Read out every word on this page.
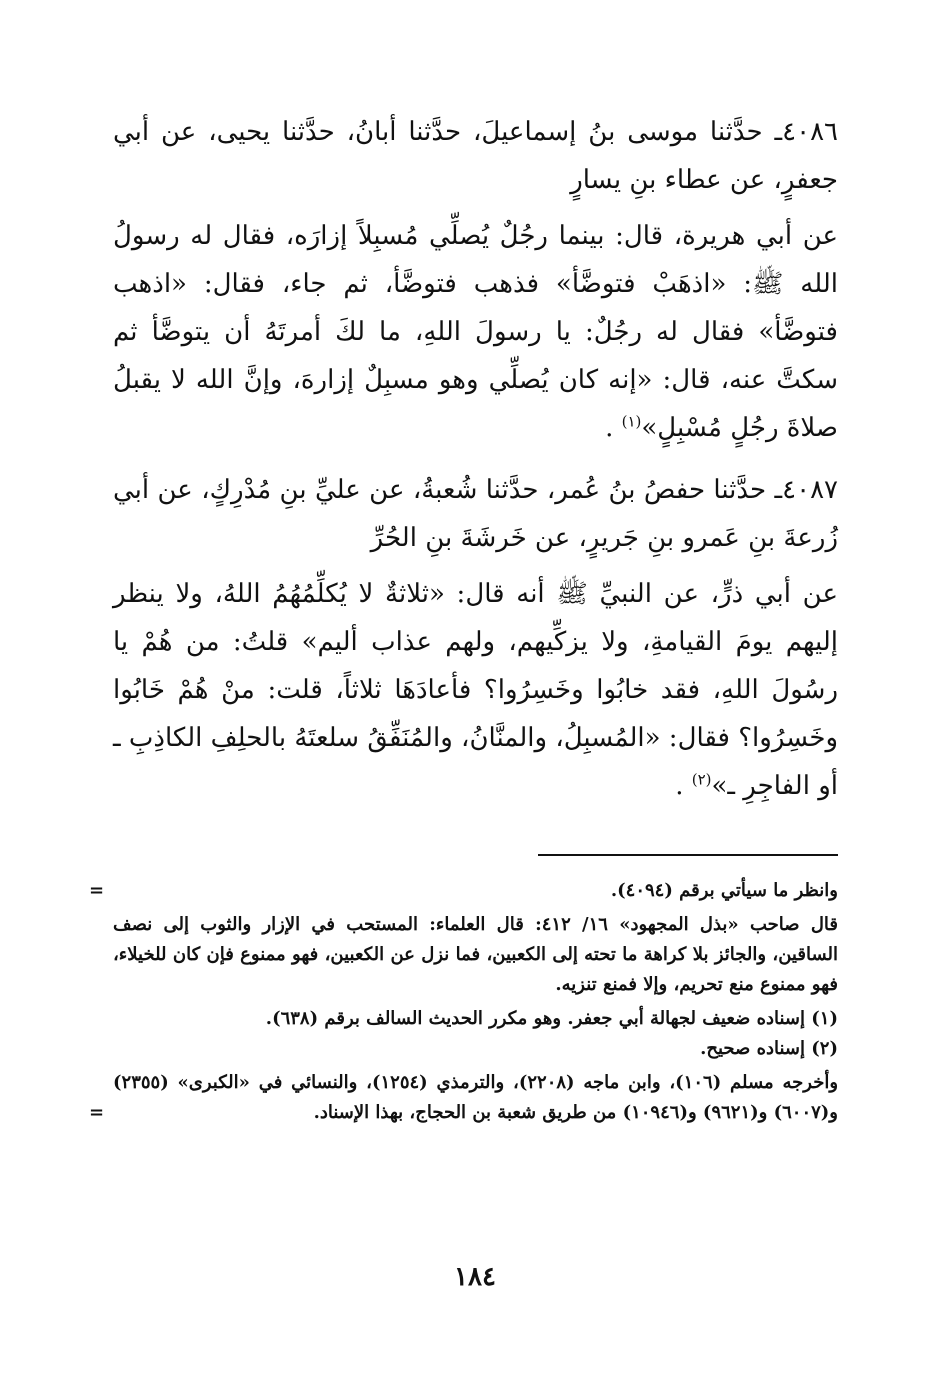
٤٠٨٦ـ حدَّثنا موسى بنُ إسماعيلَ، حدَّثنا أبانُ، حدَّثنا يحيى، عن أبي جعفرٍ، عن عطاء بنِ يسارٍ

عن أبي هريرة، قال: بينما رجُلٌ يُصلِّي مُسبِلاً إزارَه، فقال له رسولُ الله ﷺ: «اذهَبْ فتوضَّأ» فذهب فتوضَّأ، ثم جاء، فقال: «اذهب فتوضَّأ» فقال له رجُلٌ: يا رسولَ اللهِ، ما لكَ أمرتَهُ أن يتوضَّأ ثم سكتَّ عنه، قال: «إنه كان يُصلِّي وهو مسبِلٌ إزارهَ، وإنَّ الله لا يقبلُ صلاةَ رجُلٍ مُسْبِلٍ»$^{(١)}$ .

٤٠٨٧ـ حدَّثنا حفصُ بنُ عُمر، حدَّثنا شُعبةُ، عن عليِّ بنِ مُدْرِكٍ، عن أبي زُرعةَ بنِ عَمرو بنِ جَريرٍ، عن خَرشَةَ بنِ الحُرِّ

عن أبي ذرٍّ، عن النبيِّ ﷺ أنه قال: «ثلاثةٌ لا يُكلِّمُهُمُ اللهُ، ولا ينظر إليهم يومَ القيامةِ، ولا يزكِّيهم، ولهم عذاب أليم» قلتُ: من هُمْ يا رسُولَ اللهِ، فقد خابُوا وخَسِرُوا؟ فأعادَهَا ثلاثاً، قلت: منْ هُمْ خَابُوا وخَسِرُوا؟ فقال: «المُسبِلُ، والمنَّانُ، والمُنَفِّقُ سلعتَهُ بالحلِفِ الكاذِبِ ـ أو الفاجِرِ ـ»$^{(٢)}$ .

=	وانظر ما سيأتي برقم (٤٠٩٤).

قال صاحب «بذل المجهود» ١٦/ ٤١٢: قال العلماء: المستحب في الإزار والثوب إلى نصف الساقين، والجائز بلا كراهة ما تحته إلى الكعبين، فما نزل عن الكعبين، فهو ممنوع فإن كان للخيلاء، فهو ممنوع منع تحريم، وإلا فمنع تنزيه.

(١) إسناده ضعيف لجهالة أبي جعفر. وهو مكرر الحديث السالف برقم (٦٣٨).

(٢) إسناده صحيح.

وأخرجه مسلم (١٠٦)، وابن ماجه (٢٢٠٨)، والترمذي (١٢٥٤)، والنسائي في «الكبرى» (٢٣٥٥) و(٦٠٠٧) و(٩٦٢١) و(١٠٩٤٦) من طريق شعبة بن الحجاج، بهذا الإسناد.
=

١٨٤
